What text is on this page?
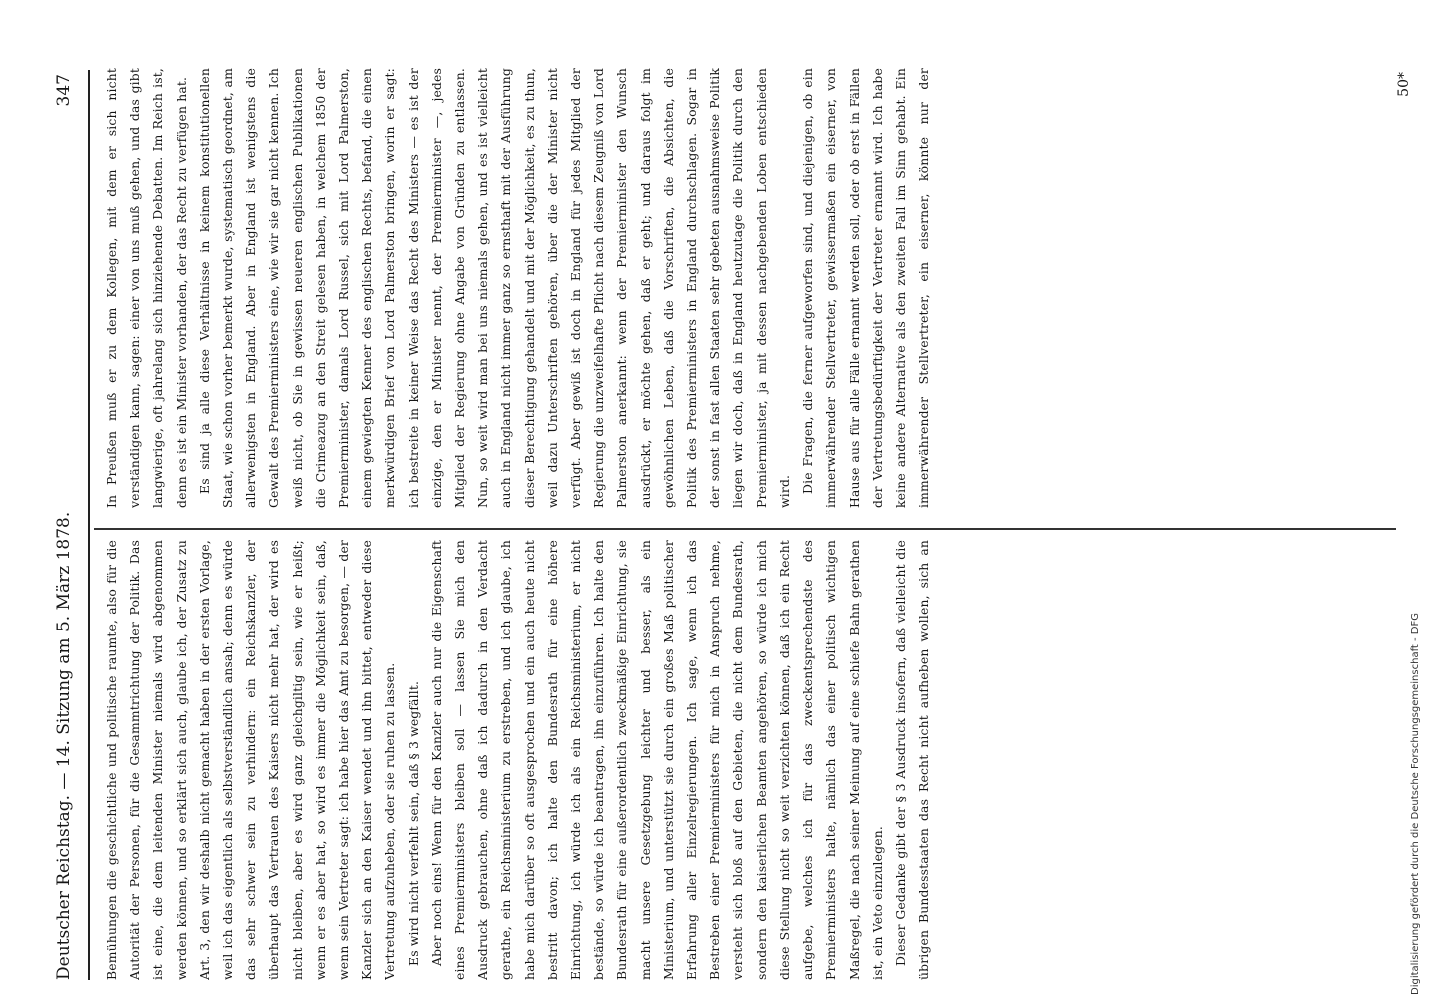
Deutscher Reichstag. — 14. Sitzung am 5. März 1878.
347

Bemühungen die geschichtliche und politische raumte, also für die Autorität der Personen, für die Gesammtrichtung der Politik. Das ist eine, die dem leitenden Minister niemals wird abgenommen werden können, und so erklärt sich auch, glaube ich, der Zusatz zu Art. 3, den wir deshalb nicht gemacht haben in der ersten Vorlage, weil ich das eigentlich als selbstverständlich ansah; denn es würde das sehr schwer sein zu verhindern: ein Reichskanzler, der überhaupt das Vertrauen des Kaisers nicht mehr hat, der wird es nicht bleiben, aber es wird ganz gleichgiltig sein, wie er heißt; wenn er es aber hat, so wird es immer die Möglichkeit sein, daß, wenn sein Vertreter sagt: ich habe hier das Amt zu besorgen, — der Kanzler sich an den Kaiser wendet und ihn bittet, entweder diese Vertretung aufzuheben, oder sie ruhen zu lassen. Es wird nicht verfehlt sein, daß § 3 wegfällt. Aber noch eins! Wenn für den Kanzler auch nur die Eigenschaft eines Premierministers bleiben soll — lassen Sie mich den Ausdruck gebrauchen, ohne daß ich dadurch in den Verdacht gerathe, ein Reichsministerium zu erstreben, und ich glaube, ich habe mich darüber so oft ausgesprochen und ein auch heute nicht bestritt davon; ich halte den Bundesrath für eine höhere Einrichtung, ich würde ich als ein Reichsministerium, er nicht bestände, so würde ich beantragen, ihn einzuführen. Ich halte den Bundesrath für eine außerordentlich zweckmäßige Einrichtung, sie macht unsere Gesetzgebung leichter und besser, als ein Ministerium, und unterstützt sie durch ein großes Maß politischer Erfahrung aller Einzelregierungen. Ich sage, wenn ich das Bestreben einer Premierministers für mich in Anspruch nehme, versteht sich bloß auf den Gebieten, die nicht dem Bundesrath, sondern den kaiserlichen Beamten angehören, so würde ich mich diese Stellung nicht so weit verzichten können, daß ich ein Recht aufgebe, welches ich für das zweckentsprechendste des Premierministers halte, nämlich das einer politisch wichtigen Maßregel, die nach seiner Meinung auf eine schiefe Bahn gerathen ist, ein Veto einzulegen. Dieser Gedanke gibt der § 3 Ausdruck insofern, daß vielleicht die übrigen Bundesstaaten das Recht nicht aufheben wollen, sich an

In Preußen muß er zu dem Kollegen, mit dem er sich nicht verständigen kann, sagen: einer von uns muß gehen, und das gibt langwierige, oft jahrelang sich hinziehende Debatten. Im Reich ist, denn es ist ein Minister vorhanden, der das Recht zu verfügen hat. Es sind ja alle diese Verhältnisse in keinem konstitutionellen Staat, wie schon vorher bemerkt wurde, systematisch geordnet, am allerwenigsten in England. Aber in England ist wenigstens die Gewalt des Premierministers eine, wie wir sie gar nicht kennen. Ich weiß nicht, ob Sie in gewissen neueren englischen Publikationen die Crimeazug an den Streit gelesen haben, in welchem 1850 der Premierminister, damals Lord Russel, sich mit Lord Palmerston, einem gewiegten Kenner des englischen Rechts, befand, die einen merkwürdigen Brief von Lord Palmerston bringen, worin er sagt: ich bestreite in keiner Weise das Recht des Ministers — es ist der einzige, den er Minister nennt, der Premierminister —, jedes Mitglied der Regierung ohne Angabe von Gründen zu entlassen. Nun, so weit wird man bei uns niemals gehen, und es ist vielleicht auch in England nicht immer ganz so ernsthaft mit der Ausführung dieser Berechtigung gehandelt und mit der Möglichkeit, es zu thun, weil dazu Unterschriften gehören, über die der Minister nicht verfügt. Aber gewiß ist doch in England für jedes Mitglied der Regierung die unzweifelhafte Pflicht nach diesem Zeugniß von Lord Palmerston anerkannt: wenn der Premierminister den Wunsch ausdrückt, er möchte gehen, daß er geht; und daraus folgt im gewöhnlichen Leben, daß die Vorschriften, die Absichten, die Politik des Premierministers in England durchschlagen. Sogar in der sonst in fast allen Staaten sehr gebeten ausnahmsweise Politik liegen wir doch, daß in England heutzutage die Politik durch den Premierminister, ja mit dessen nachgebenden Loben entschieden wird. Die Fragen, die ferner aufgeworfen sind, und diejenigen, ob ein immerwährender Stellvertreter, gewissermaßen ein eiserner, von Hause aus für alle Fälle ernannt werden soll, oder ob erst in Fällen der Vertretungsbedürftigkeit der Vertreter ernannt wird. Ich habe keine andere Alternative als den zweiten Fall im Sinn gehabt. Ein immerwährender Stellvertreter, ein eiserner, könnte nur der	50*
Digitalisierung gefördert durch die Deutsche Forschungsgemeinschaft - DFG
